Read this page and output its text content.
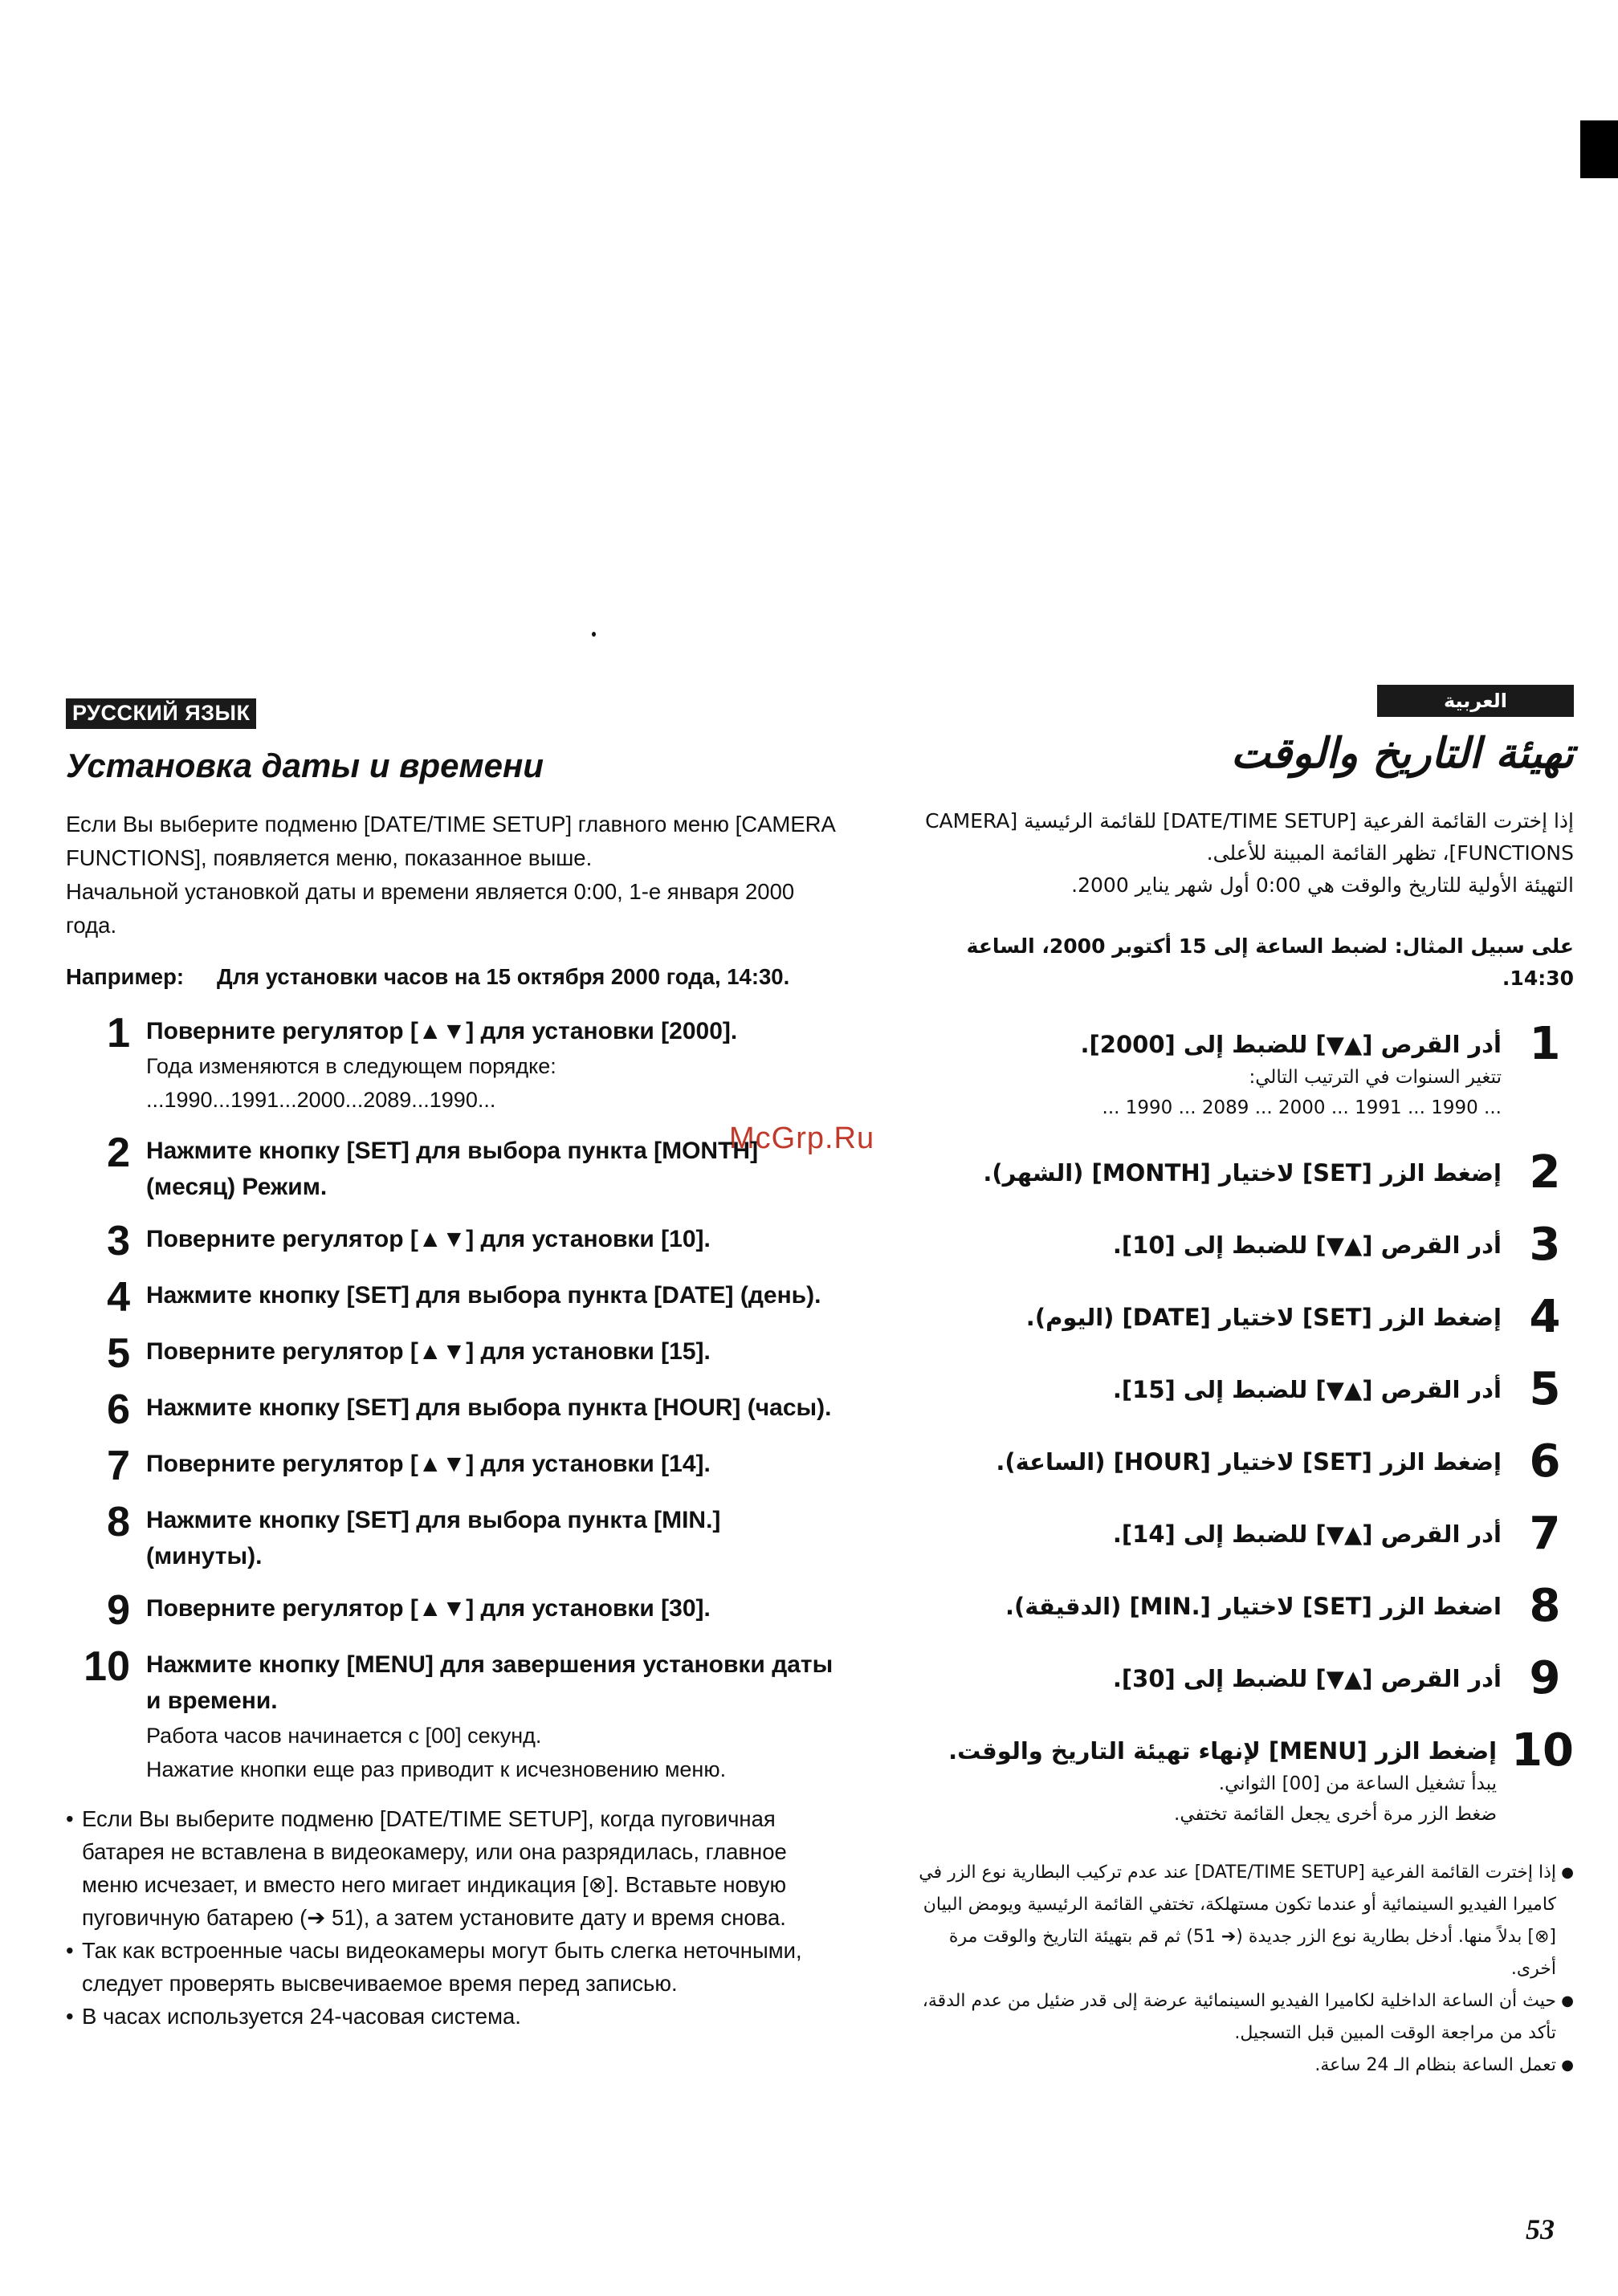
McGrp.Ru
РУССКИЙ ЯЗЫК
Установка даты и времени

Если Вы выберите подменю [DATE/TIME SETUP] главного меню [CAMERA FUNCTIONS], появляется меню, показанное выше.

Начальной установкой даты и времени является 0:00, 1-е января 2000 года.

Например:	Для установки часов на 15 октября 2000 года, 14:30.
1 Поверните регулятор [▲▼] для установки [2000].
Года изменяются в следующем порядке:
...1990...1991...2000...2089...1990...
2 Нажмите кнопку [SET] для выбора пункта [MONTH] (месяц) Режим.
3 Поверните регулятор [▲▼] для установки [10].
4 Нажмите кнопку [SET] для выбора пункта [DATE] (день).
5 Поверните регулятор [▲▼] для установки [15].
6 Нажмите кнопку [SET] для выбора пункта [HOUR] (часы).
7 Поверните регулятор [▲▼] для установки [14].
8 Нажмите кнопку [SET] для выбора пункта [MIN.] (минуты).
9 Поверните регулятор [▲▼] для установки [30].
10 Нажмите кнопку [MENU] для завершения установки даты и времени.
Работа часов начинается с [00] секунд.
Нажатие кнопки еще раз приводит к исчезновению меню.
• Если Вы выберите подменю [DATE/TIME SETUP], когда пуговичная батарея не вставлена в видеокамеру, или она разрядилась, главное меню исчезает, и вместо него мигает индикация [⊗]. Вставьте новую пуговичную батарею (➔ 51), а затем установите дату и время снова.
• Так как встроенные часы видеокамеры могут быть слегка неточными, следует проверять высвечиваемое время перед записью.
• В часах используется 24-часовая система.
العربية
تهيئة التاريخ والوقت

إذا إخترت القائمة الفرعية [DATE/TIME SETUP] للقائمة الرئيسية [CAMERA FUNCTIONS]، تظهر القائمة المبينة للأعلى.

التهيئة الأولية للتاريخ والوقت هي 0:00 أول شهر يناير 2000.

على سبيل المثال: لضبط الساعة إلى 15 أكتوبر 2000، الساعة 14:30.
1
أدر القرص [▲▼] للضبط إلى [2000].
تتغير السنوات في الترتيب التالي:
... 1990 ... 1991 ... 2000 ... 2089 ... 1990 ...
2
إضغط الزر [SET] لاختيار [MONTH] (الشهر).
3
أدر القرص [▲▼] للضبط إلى [10].
4
إضغط الزر [SET] لاختيار [DATE] (اليوم).
5
أدر القرص [▲▼] للضبط إلى [15].
6
إضغط الزر [SET] لاختيار [HOUR] (الساعة).
7
أدر القرص [▲▼] للضبط إلى [14].
8
اضغط الزر [SET] لاختيار [.MIN] (الدقيقة).
9
أدر القرص [▲▼] للضبط إلى [30].
10
إضغط الزر [MENU] لإنهاء تهيئة التاريخ والوقت.
يبدأ تشغيل الساعة من [00] الثواني.
ضغط الزر مرة أخرى يجعل القائمة تختفي.
● إذا إخترت القائمة الفرعية [DATE/TIME SETUP] عند عدم تركيب البطارية نوع الزر في كاميرا الفيديو السينمائية أو عندما تكون مستهلكة، تختفي القائمة الرئيسية ويومض البيان [⊗] بدلاً منها. أدخل بطارية نوع الزر جديدة (➔ 51) ثم قم بتهيئة التاريخ والوقت مرة أخرى.
● حيث أن الساعة الداخلية لكاميرا الفيديو السينمائية عرضة إلى قدر ضئيل من عدم الدقة، تأكد من مراجعة الوقت المبين قبل التسجيل.
● تعمل الساعة بنظام الـ 24 ساعة.
53
